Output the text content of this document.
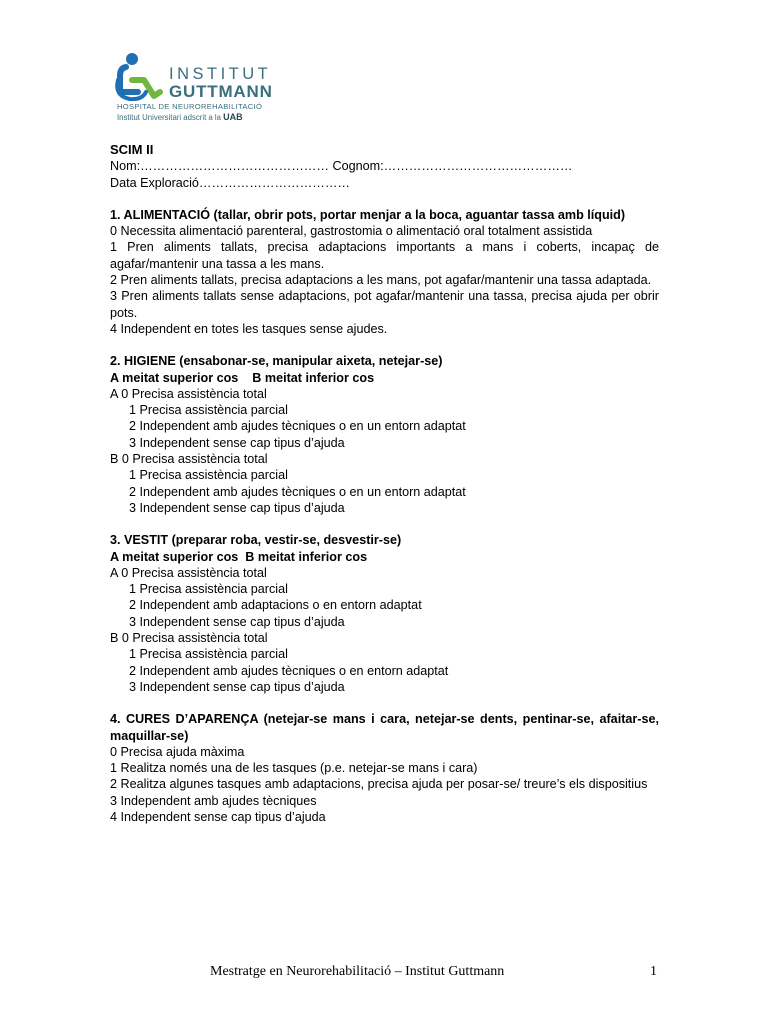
INSTITUT
GUTTMANN
HOSPITAL DE NEUROREHABILITACIÓ
Institut Universitari adscrit a la UAB

SCIM II

Nom:……………………………………… Cognom:………………………………………

Data Exploració………………………………

1. ALIMENTACIÓ (tallar, obrir pots, portar menjar a la boca, aguantar tassa amb líquid)

0 Necessita alimentació parenteral, gastrostomia o alimentació oral totalment assistida

1 Pren aliments tallats, precisa adaptacions importants a mans i coberts, incapaç de agafar/mantenir una tassa a les mans.

2 Pren aliments tallats, precisa adaptacions a les mans, pot agafar/mantenir una tassa adaptada.

3 Pren aliments tallats sense adaptacions, pot agafar/mantenir una tassa, precisa ajuda per obrir pots.

4 Independent en totes les tasques sense ajudes.

2. HIGIENE (ensabonar-se, manipular aixeta, netejar-se)

A meitat superior cos    B meitat inferior cos

A 0 Precisa assistència total

1 Precisa assistència parcial

2 Independent amb ajudes tècniques o en un entorn adaptat

3 Independent sense cap tipus d’ajuda

B 0 Precisa assistència total

1 Precisa assistència parcial

2 Independent amb ajudes tècniques o en un entorn adaptat

3 Independent sense cap tipus d’ajuda

3. VESTIT (preparar roba, vestir-se, desvestir-se)

A meitat superior cos  B meitat inferior cos

A 0 Precisa assistència total

1 Precisa assistència parcial

2 Independent amb adaptacions o en entorn adaptat

3 Independent sense cap tipus d’ajuda

B 0 Precisa assistència total

1 Precisa assistència parcial

2 Independent amb ajudes tècniques o en entorn adaptat

3 Independent sense cap tipus d’ajuda

4. CURES D’APARENÇA (netejar-se mans i cara, netejar-se dents, pentinar-se, afaitar-se, maquillar-se)

0 Precisa ajuda màxima

1 Realitza només una de les tasques (p.e. netejar-se mans i cara)

2 Realitza algunes tasques amb adaptacions, precisa ajuda per posar-se/ treure’s els dispositius

3 Independent amb ajudes tècniques

4 Independent sense cap tipus d’ajuda

Mestratge en Neurorehabilitació – Institut Guttmann	1
